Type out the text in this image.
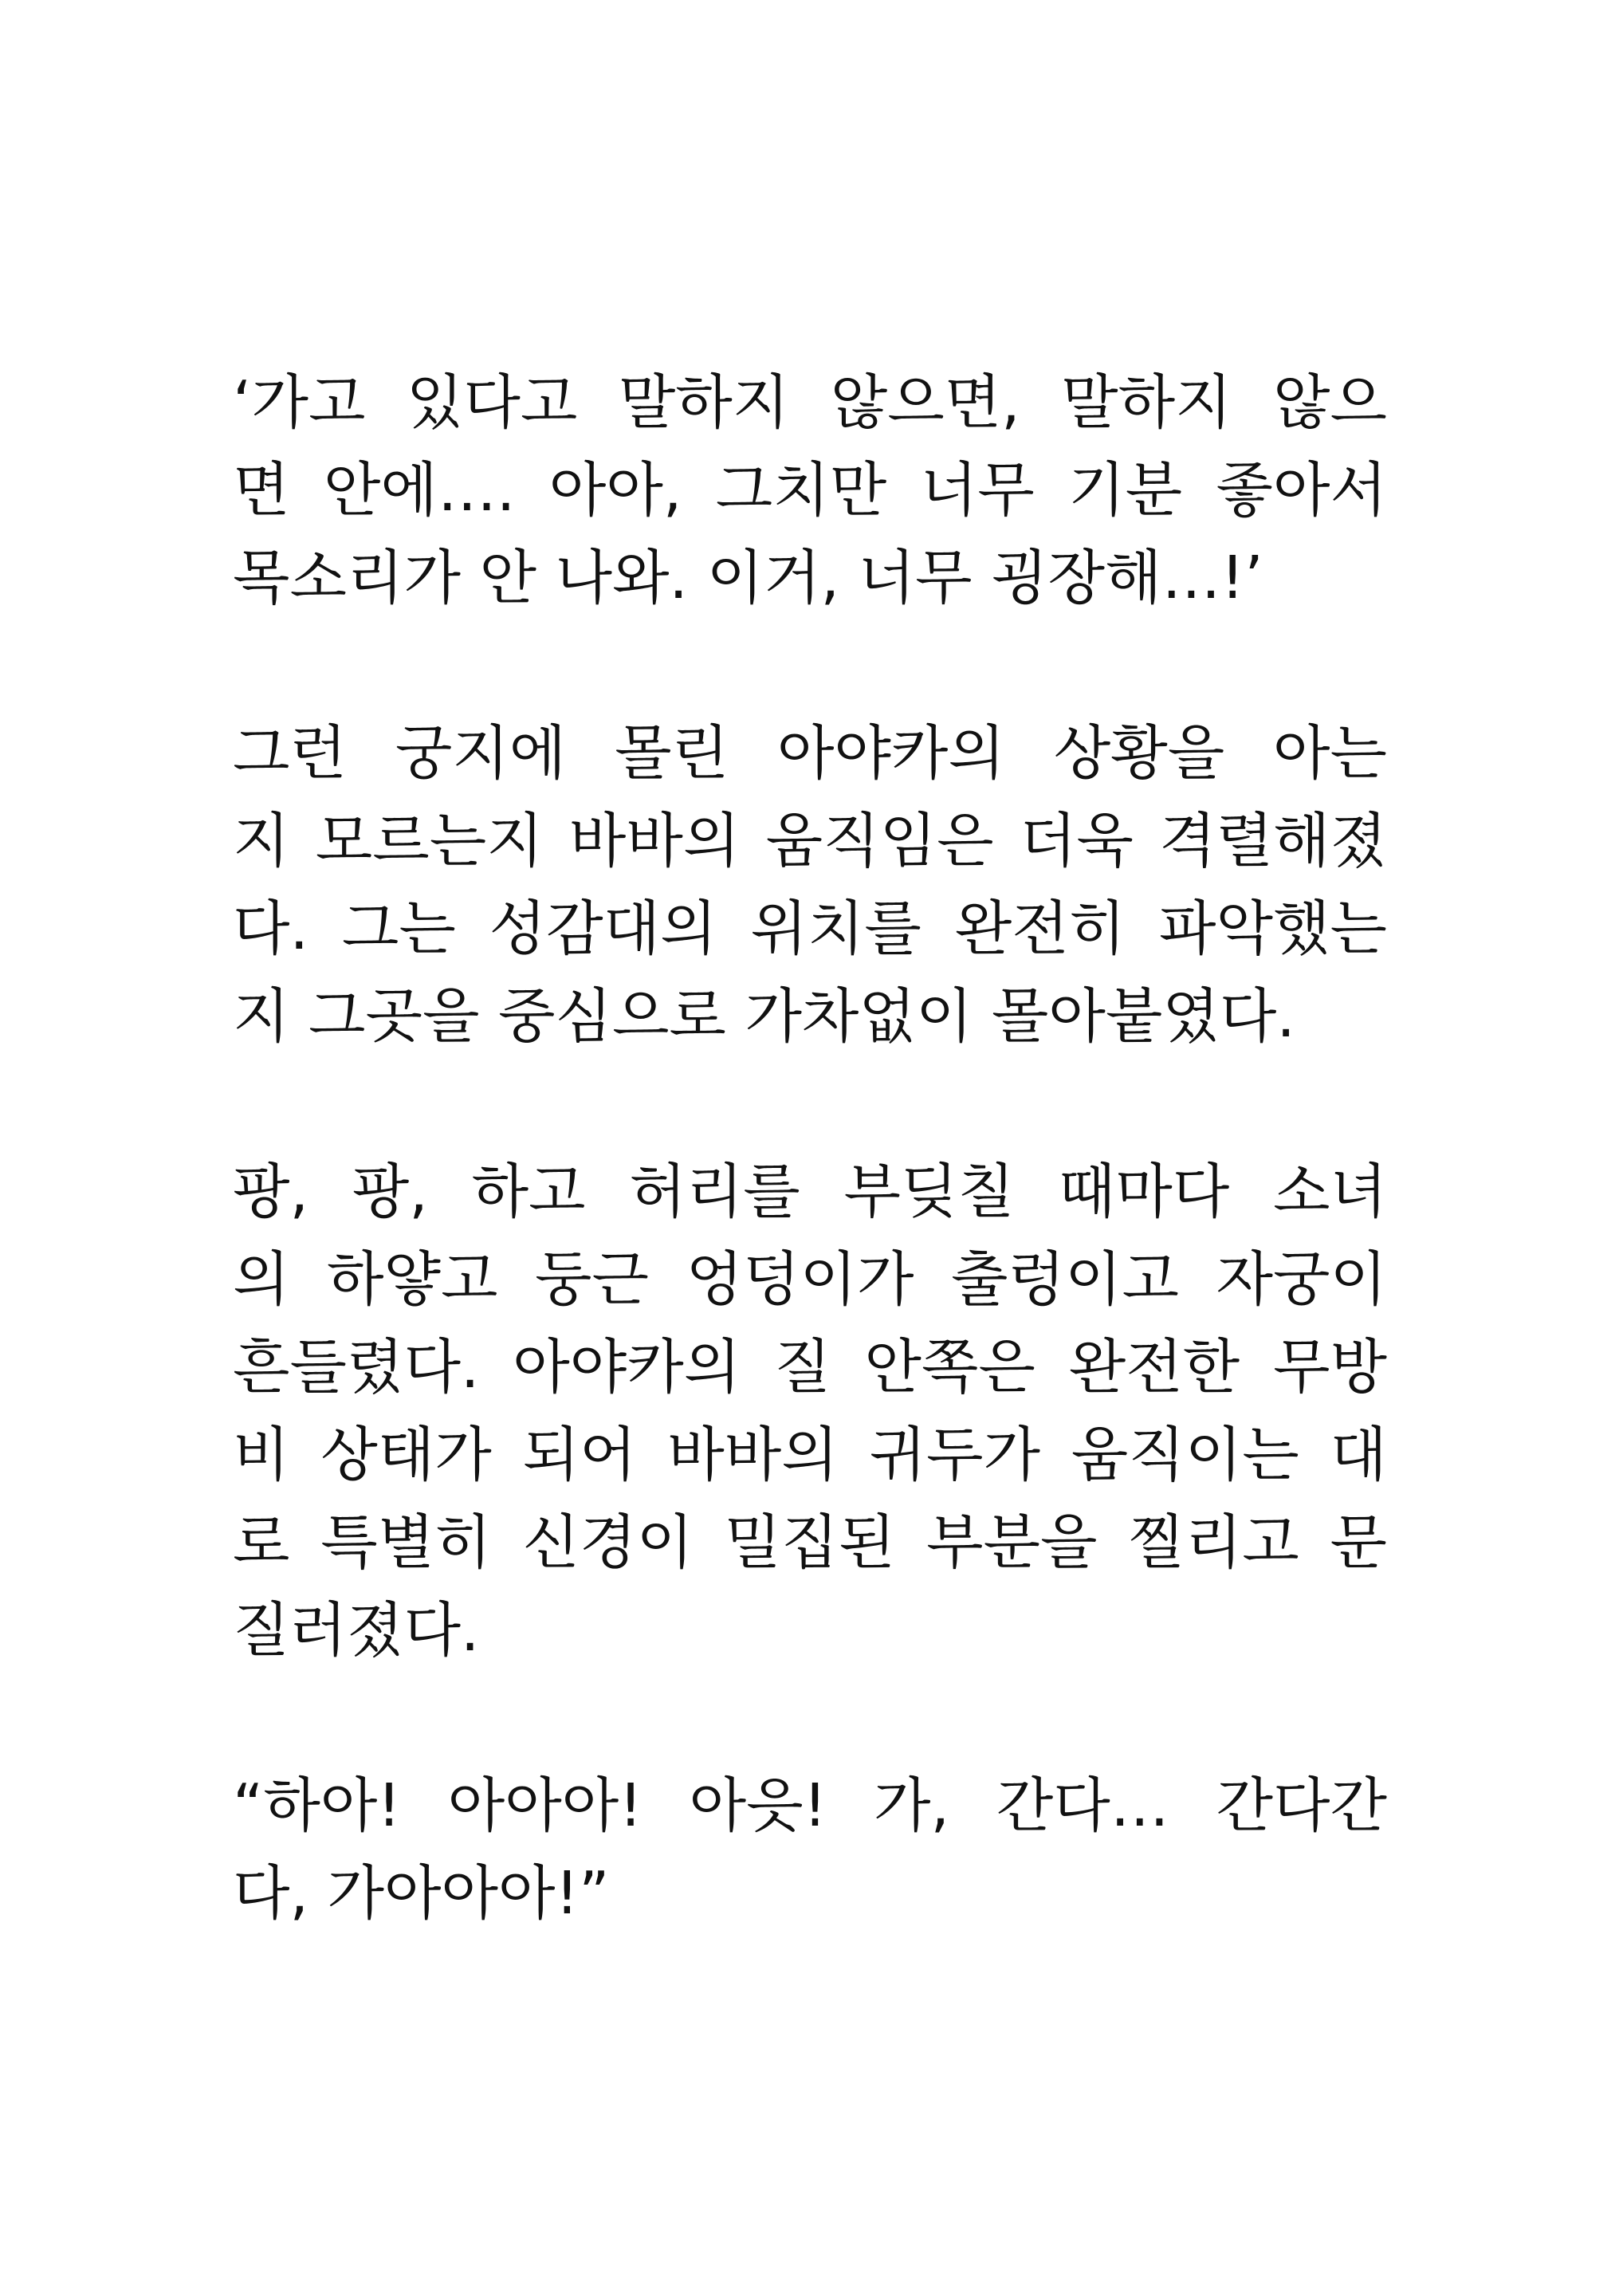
‘가고 있다고 말하지 않으면, 말하지 않으
면 안에…. 아아, 그치만 너무 기분 좋아서
목소리가 안 나와. 이거, 너무 굉장해…!’
그런 궁지에 몰린 아야카의 상황을 아는
지 모르는지 바바의 움직임은 더욱 격렬해졌
다. 그는 성감대의 위치를 완전히 파악했는
지 그곳을 중심으로 가차없이 몰아붙였다.
팡, 팡, 하고 허리를 부딪칠 때마다 소녀
의 하얗고 둥근 엉덩이가 출렁이고 자궁이
흔들렸다. 아야카의 질 안쪽은 완전한 무방
비 상태가 되어 바바의 귀두가 움직이는 대
로 특별히 신경이 밀집된 부분을 찔리고 문
질러졌다.
“하아! 아아아! 아읏! 가, 간다… 간다간
다, 가아아아!”
